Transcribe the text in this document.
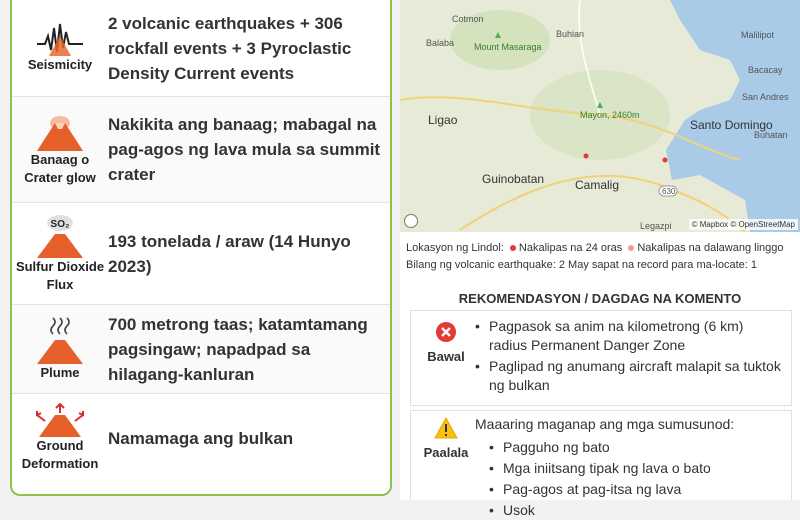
Seismicity
2 volcanic earthquakes + 306 rockfall events + 3 Pyroclastic Density Current events
Banaag o Crater glow
Nakikita ang banaag; mabagal na pag-agos ng lava mula sa summit crater
SO₂
Sulfur Dioxide Flux
193 tonelada / araw (14 Hunyo 2023)
Plume
700 metrong taas; katamtamang pagsingaw; napadpad sa hilagang-kanluran
Ground Deformation
Namamaga ang bulkan
Cotmon
Malilipot
Balaba Mount Masaraga
Buhian
Bacacay
San Andres
Mayon, 2460m
Ligao	Santo Domingo
Buhatan
Guinobatan	Camalig
Legazpi
630
© Mapbox © OpenStreetMap
Lokasyon ng Lindol: Nakalipas na 24 oras Nakalipas na dalawang linggo
Bilang ng volcanic earthquake: 2 May sapat na record para ma-locate: 1
REKOMENDASYON / DAGDAG NA KOMENTO
Bawal
• Pagpasok sa anim na kilometrong (6 km) radius Permanent Danger Zone
• Paglipad ng anumang aircraft malapit sa tuktok ng bulkan
Paalala
Maaaring maganap ang mga sumusunod:
• Pagguho ng bato
• Mga iniitsang tipak ng lava o bato
• Pag-agos at pag-itsa ng lava
• Usok
